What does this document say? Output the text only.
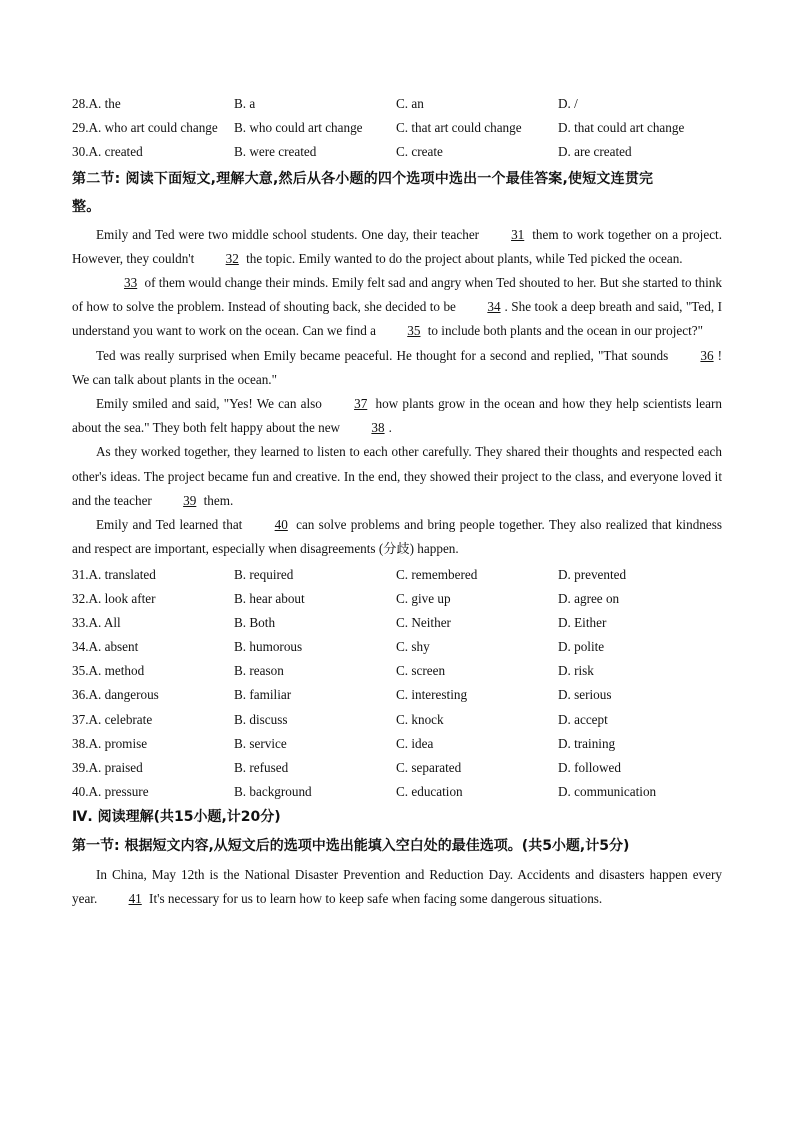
28.A. the	B. a	C. an	D. /
29.A. who art could change	B. who could art change	C. that art could change	D. that could art change
30.A. created	B. were created	C. create	D. are created
第二节: 阅读下面短文,理解大意,然后从各小题的四个选项中选出一个最佳答案,使短文连贯完
整。

Emily and Ted were two middle school students. One day, their teacher 31 them to work together on a project. However, they couldn't 32 the topic. Emily wanted to do the project about plants, while Ted picked the ocean.

33 of them would change their minds. Emily felt sad and angry when Ted shouted to her. But she started to think of how to solve the problem. Instead of shouting back, she decided to be 34 . She took a deep breath and said, "Ted, I understand you want to work on the ocean. Can we find a 35 to include both plants and the ocean in our project?"

Ted was really surprised when Emily became peaceful. He thought for a second and replied, "That sounds 36 ! We can talk about plants in the ocean."

Emily smiled and said, "Yes! We can also 37 how plants grow in the ocean and how they help scientists learn about the sea." They both felt happy about the new 38 .

As they worked together, they learned to listen to each other carefully. They shared their thoughts and respected each other's ideas. The project became fun and creative. In the end, they showed their project to the class, and everyone loved it and the teacher 39 them.

Emily and Ted learned that 40 can solve problems and bring people together. They also realized that kindness and respect are important, especially when disagreements (分歧) happen.

31.A. translated	B. required	C. remembered	D. prevented
32.A. look after	B. hear about	C. give up	D. agree on
33.A. All	B. Both	C. Neither	D. Either
34.A. absent	B. humorous	C. shy	D. polite
35.A. method	B. reason	C. screen	D. risk
36.A. dangerous	B. familiar	C. interesting	D. serious
37.A. celebrate	B. discuss	C. knock	D. accept
38.A. promise	B. service	C. idea	D. training
39.A. praised	B. refused	C. separated	D. followed
40.A. pressure	B. background	C. education	D. communication
Ⅳ. 阅读理解(共15小题,计20分)
第一节: 根据短文内容,从短文后的选项中选出能填入空白处的最佳选项。(共5小题,计5分)

In China, May 12th is the National Disaster Prevention and Reduction Day. Accidents and disasters happen every year. 41 It's necessary for us to learn how to keep safe when facing some dangerous situations.
